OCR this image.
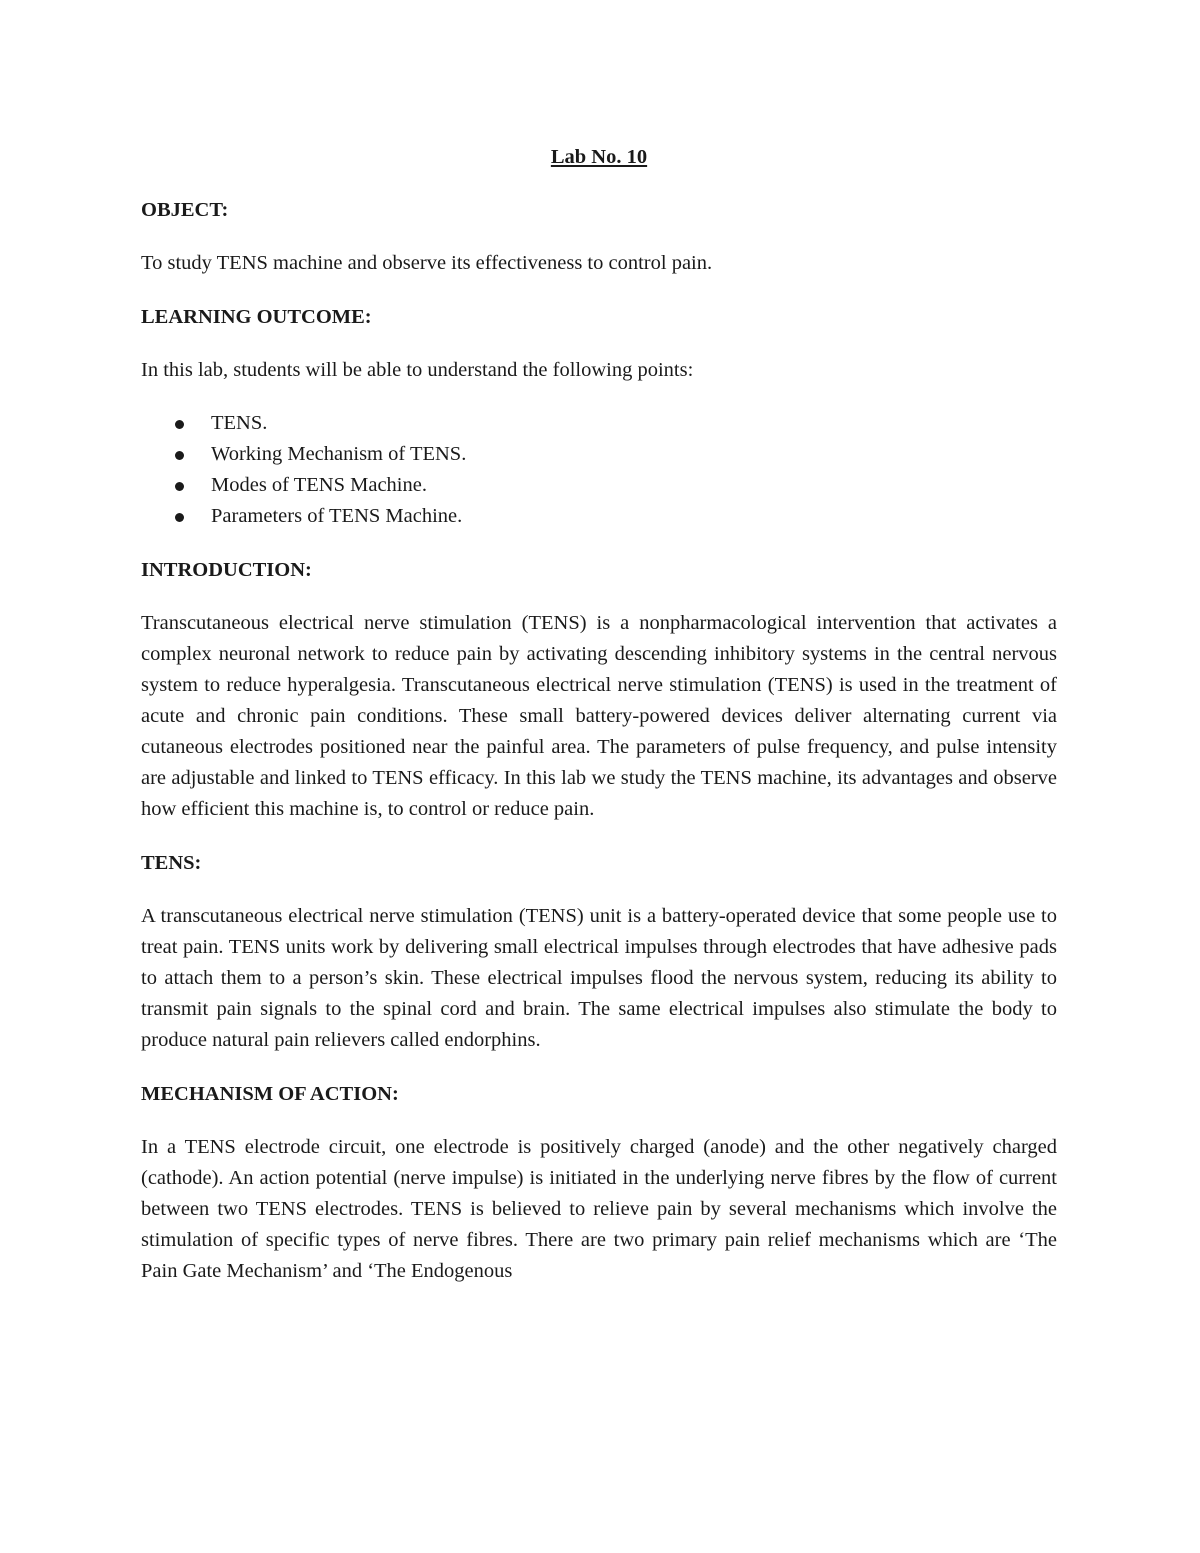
Lab No. 10

OBJECT:

To study TENS machine and observe its effectiveness to control pain.

LEARNING OUTCOME:

In this lab, students will be able to understand the following points:

TENS.
Working Mechanism of TENS.
Modes of TENS Machine.
Parameters of TENS Machine.

INTRODUCTION:

Transcutaneous electrical nerve stimulation (TENS) is a nonpharmacological intervention that activates a complex neuronal network to reduce pain by activating descending inhibitory systems in the central nervous system to reduce hyperalgesia. Transcutaneous electrical nerve stimulation (TENS) is used in the treatment of acute and chronic pain conditions. These small battery-powered devices deliver alternating current via cutaneous electrodes positioned near the painful area. The parameters of pulse frequency, and pulse intensity are adjustable and linked to TENS efficacy. In this lab we study the TENS machine, its advantages and observe how efficient this machine is, to control or reduce pain.

TENS:

A transcutaneous electrical nerve stimulation (TENS) unit is a battery-operated device that some people use to treat pain. TENS units work by delivering small electrical impulses through electrodes that have adhesive pads to attach them to a person’s skin. These electrical impulses flood the nervous system, reducing its ability to transmit pain signals to the spinal cord and brain. The same electrical impulses also stimulate the body to produce natural pain relievers called endorphins.

MECHANISM OF ACTION:

In a TENS electrode circuit, one electrode is positively charged (anode) and the other negatively charged (cathode). An action potential (nerve impulse) is initiated in the underlying nerve fibres by the flow of current between two TENS electrodes. TENS is believed to relieve pain by several mechanisms which involve the stimulation of specific types of nerve fibres. There are two primary pain relief mechanisms which are ‘The Pain Gate Mechanism’ and ‘The Endogenous
